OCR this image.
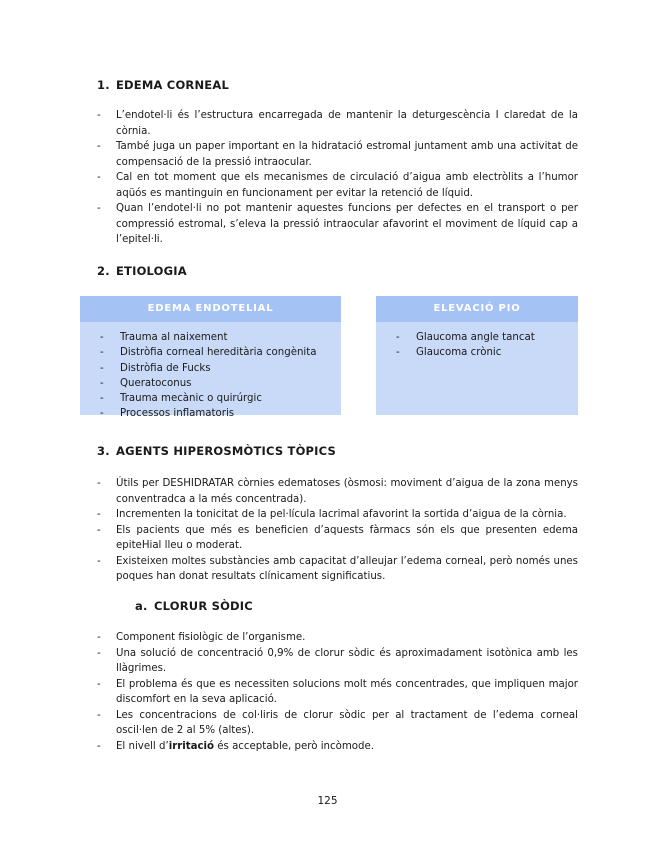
1. EDEMA CORNEAL
- L’endotel·li és l’estructura encarregada de mantenir la deturgescència I claredat de la còrnia.
- També juga un paper important en la hidratació estromal juntament amb una activitat de compensació de la pressió intraocular.
- Cal en tot moment que els mecanismes de circulació d’aigua amb electròlits a l’humor aqüós es mantinguin en funcionament per evitar la retenció de líquid.
- Quan l’endotel·li no pot mantenir aquestes funcions per defectes en el transport o per compressió estromal, s’eleva la pressió intraocular afavorint el moviment de líquid cap a l’epitel·li.
2. ETIOLOGIA
EDEMA ENDOTELIAL
- Trauma al naixement
- Distròfia corneal hereditària congènita
- Distròfia de Fucks
- Queratoconus
- Trauma mecànic o quirúrgic
- Processos inflamatoris
ELEVACIÓ PIO
- Glaucoma angle tancat
- Glaucoma crònic
3. AGENTS HIPEROSMÒTICS TÒPICS
- Útils per DESHIDRATAR còrnies edematoses (òsmosi: moviment d’aigua de la zona menys conventradca a la més concentrada).
- Incrementen la tonicitat de la pel·lícula lacrimal afavorint la sortida d’aigua de la còrnia.
- Els pacients que més es beneficien d’aquests fàrmacs són els que presenten edema epiteHial lleu o moderat.
- Existeixen moltes substàncies amb capacitat d’alleujar l’edema corneal, però només unes poques han donat resultats clínicament significatius.
a. CLORUR SÒDIC
- Component fisiològic de l’organisme.
- Una solució de concentració 0,9% de clorur sòdic és aproximadament isotònica amb les llàgrimes.
- El problema és que es necessiten solucions molt més concentrades, que impliquen major discomfort en la seva aplicació.
- Les concentracions de col·liris de clorur sòdic per al tractament de l’edema corneal oscil·len de 2 al 5% (altes).
- El nivell d’irritació és acceptable, però incòmode.
125
